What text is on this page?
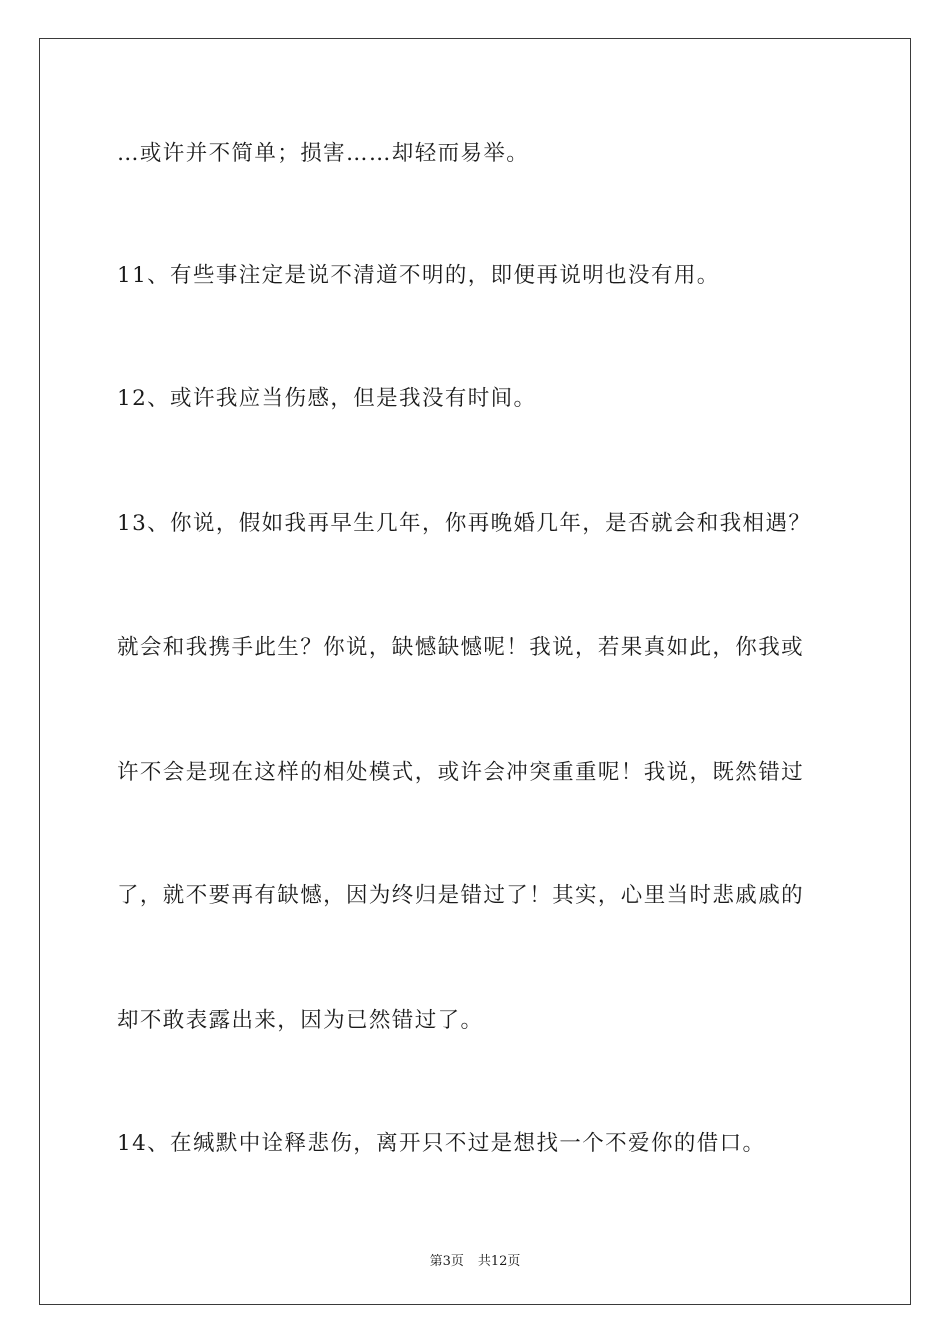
…或许并不简单；损害……却轻而易举。
11、有些事注定是说不清道不明的，即便再说明也没有用。
12、或许我应当伤感，但是我没有时间。
13、你说，假如我再早生几年，你再晚婚几年，是否就会和我相遇？
就会和我携手此生？你说，缺憾缺憾呢！我说，若果真如此，你我或
许不会是现在这样的相处模式，或许会冲突重重呢！我说，既然错过
了，就不要再有缺憾，因为终归是错过了！其实，心里当时悲戚戚的
却不敢表露出来，因为已然错过了。
14、在缄默中诠释悲伤，离开只不过是想找一个不爱你的借口。
第3页 共12页
